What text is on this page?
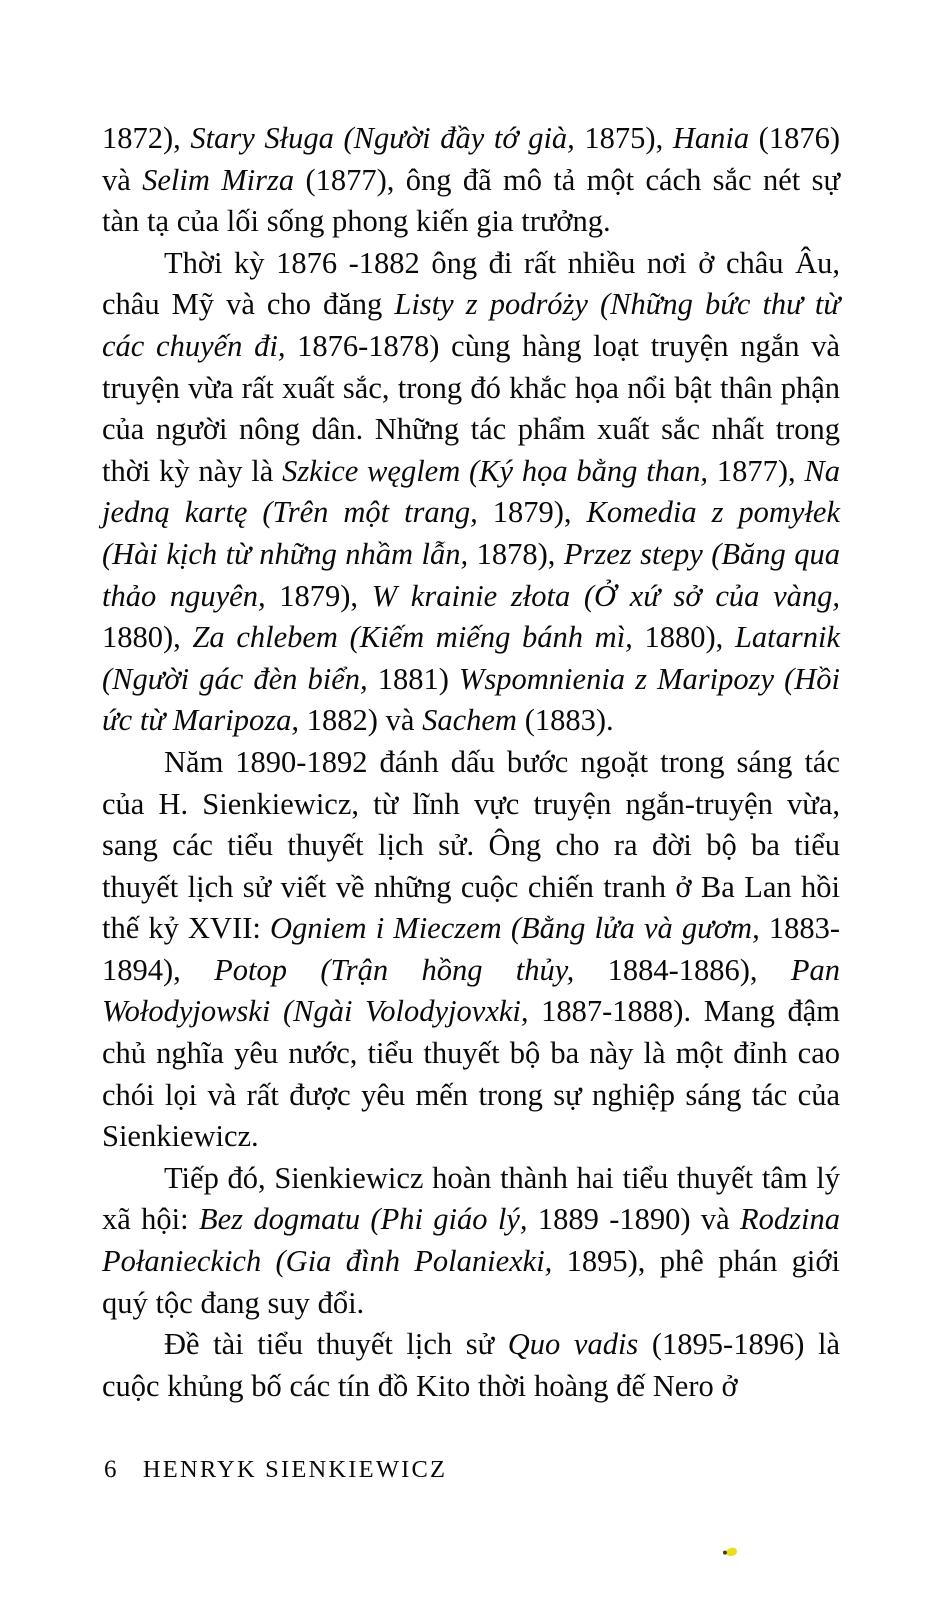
1872), Stary Sługa (Người đầy tớ già, 1875), Hania (1876) và Selim Mirza (1877), ông đã mô tả một cách sắc nét sự tàn tạ của lối sống phong kiến gia trưởng.

Thời kỳ 1876 -1882 ông đi rất nhiều nơi ở châu Âu, châu Mỹ và cho đăng Listy z podróży (Những bức thư từ các chuyến đi, 1876-1878) cùng hàng loạt truyện ngắn và truyện vừa rất xuất sắc, trong đó khắc họa nổi bật thân phận của người nông dân. Những tác phẩm xuất sắc nhất trong thời kỳ này là Szkice węglem (Ký họa bằng than, 1877), Na jedną kartę (Trên một trang, 1879), Komedia z pomyłek (Hài kịch từ những nhầm lẫn, 1878), Przez stepy (Băng qua thảo nguyên, 1879), W krainie złota (Ở xứ sở của vàng, 1880), Za chlebem (Kiếm miếng bánh mì, 1880), Latarnik (Người gác đèn biển, 1881) Wspomnienia z Maripozy (Hồi ức từ Maripoza, 1882) và Sachem (1883).

Năm 1890-1892 đánh dấu bước ngoặt trong sáng tác của H. Sienkiewicz, từ lĩnh vực truyện ngắn-truyện vừa, sang các tiểu thuyết lịch sử. Ông cho ra đời bộ ba tiểu thuyết lịch sử viết về những cuộc chiến tranh ở Ba Lan hồi thế kỷ XVII: Ogniem i Mieczem (Bằng lửa và gươm, 1883-1894), Potop (Trận hồng thủy, 1884-1886), Pan Wołodyjowski (Ngài Volodyjovxki, 1887-1888). Mang đậm chủ nghĩa yêu nước, tiểu thuyết bộ ba này là một đỉnh cao chói lọi và rất được yêu mến trong sự nghiệp sáng tác của Sienkiewicz.

Tiếp đó, Sienkiewicz hoàn thành hai tiểu thuyết tâm lý xã hội: Bez dogmatu (Phi giáo lý, 1889 -1890) và Rodzina Połanieckich (Gia đình Polaniexki, 1895), phê phán giới quý tộc đang suy đổi.

Đề tài tiểu thuyết lịch sử Quo vadis (1895-1896) là cuộc khủng bố các tín đồ Kito thời hoàng đế Nero ở

6 HENRYK SIENKIEWICZ
